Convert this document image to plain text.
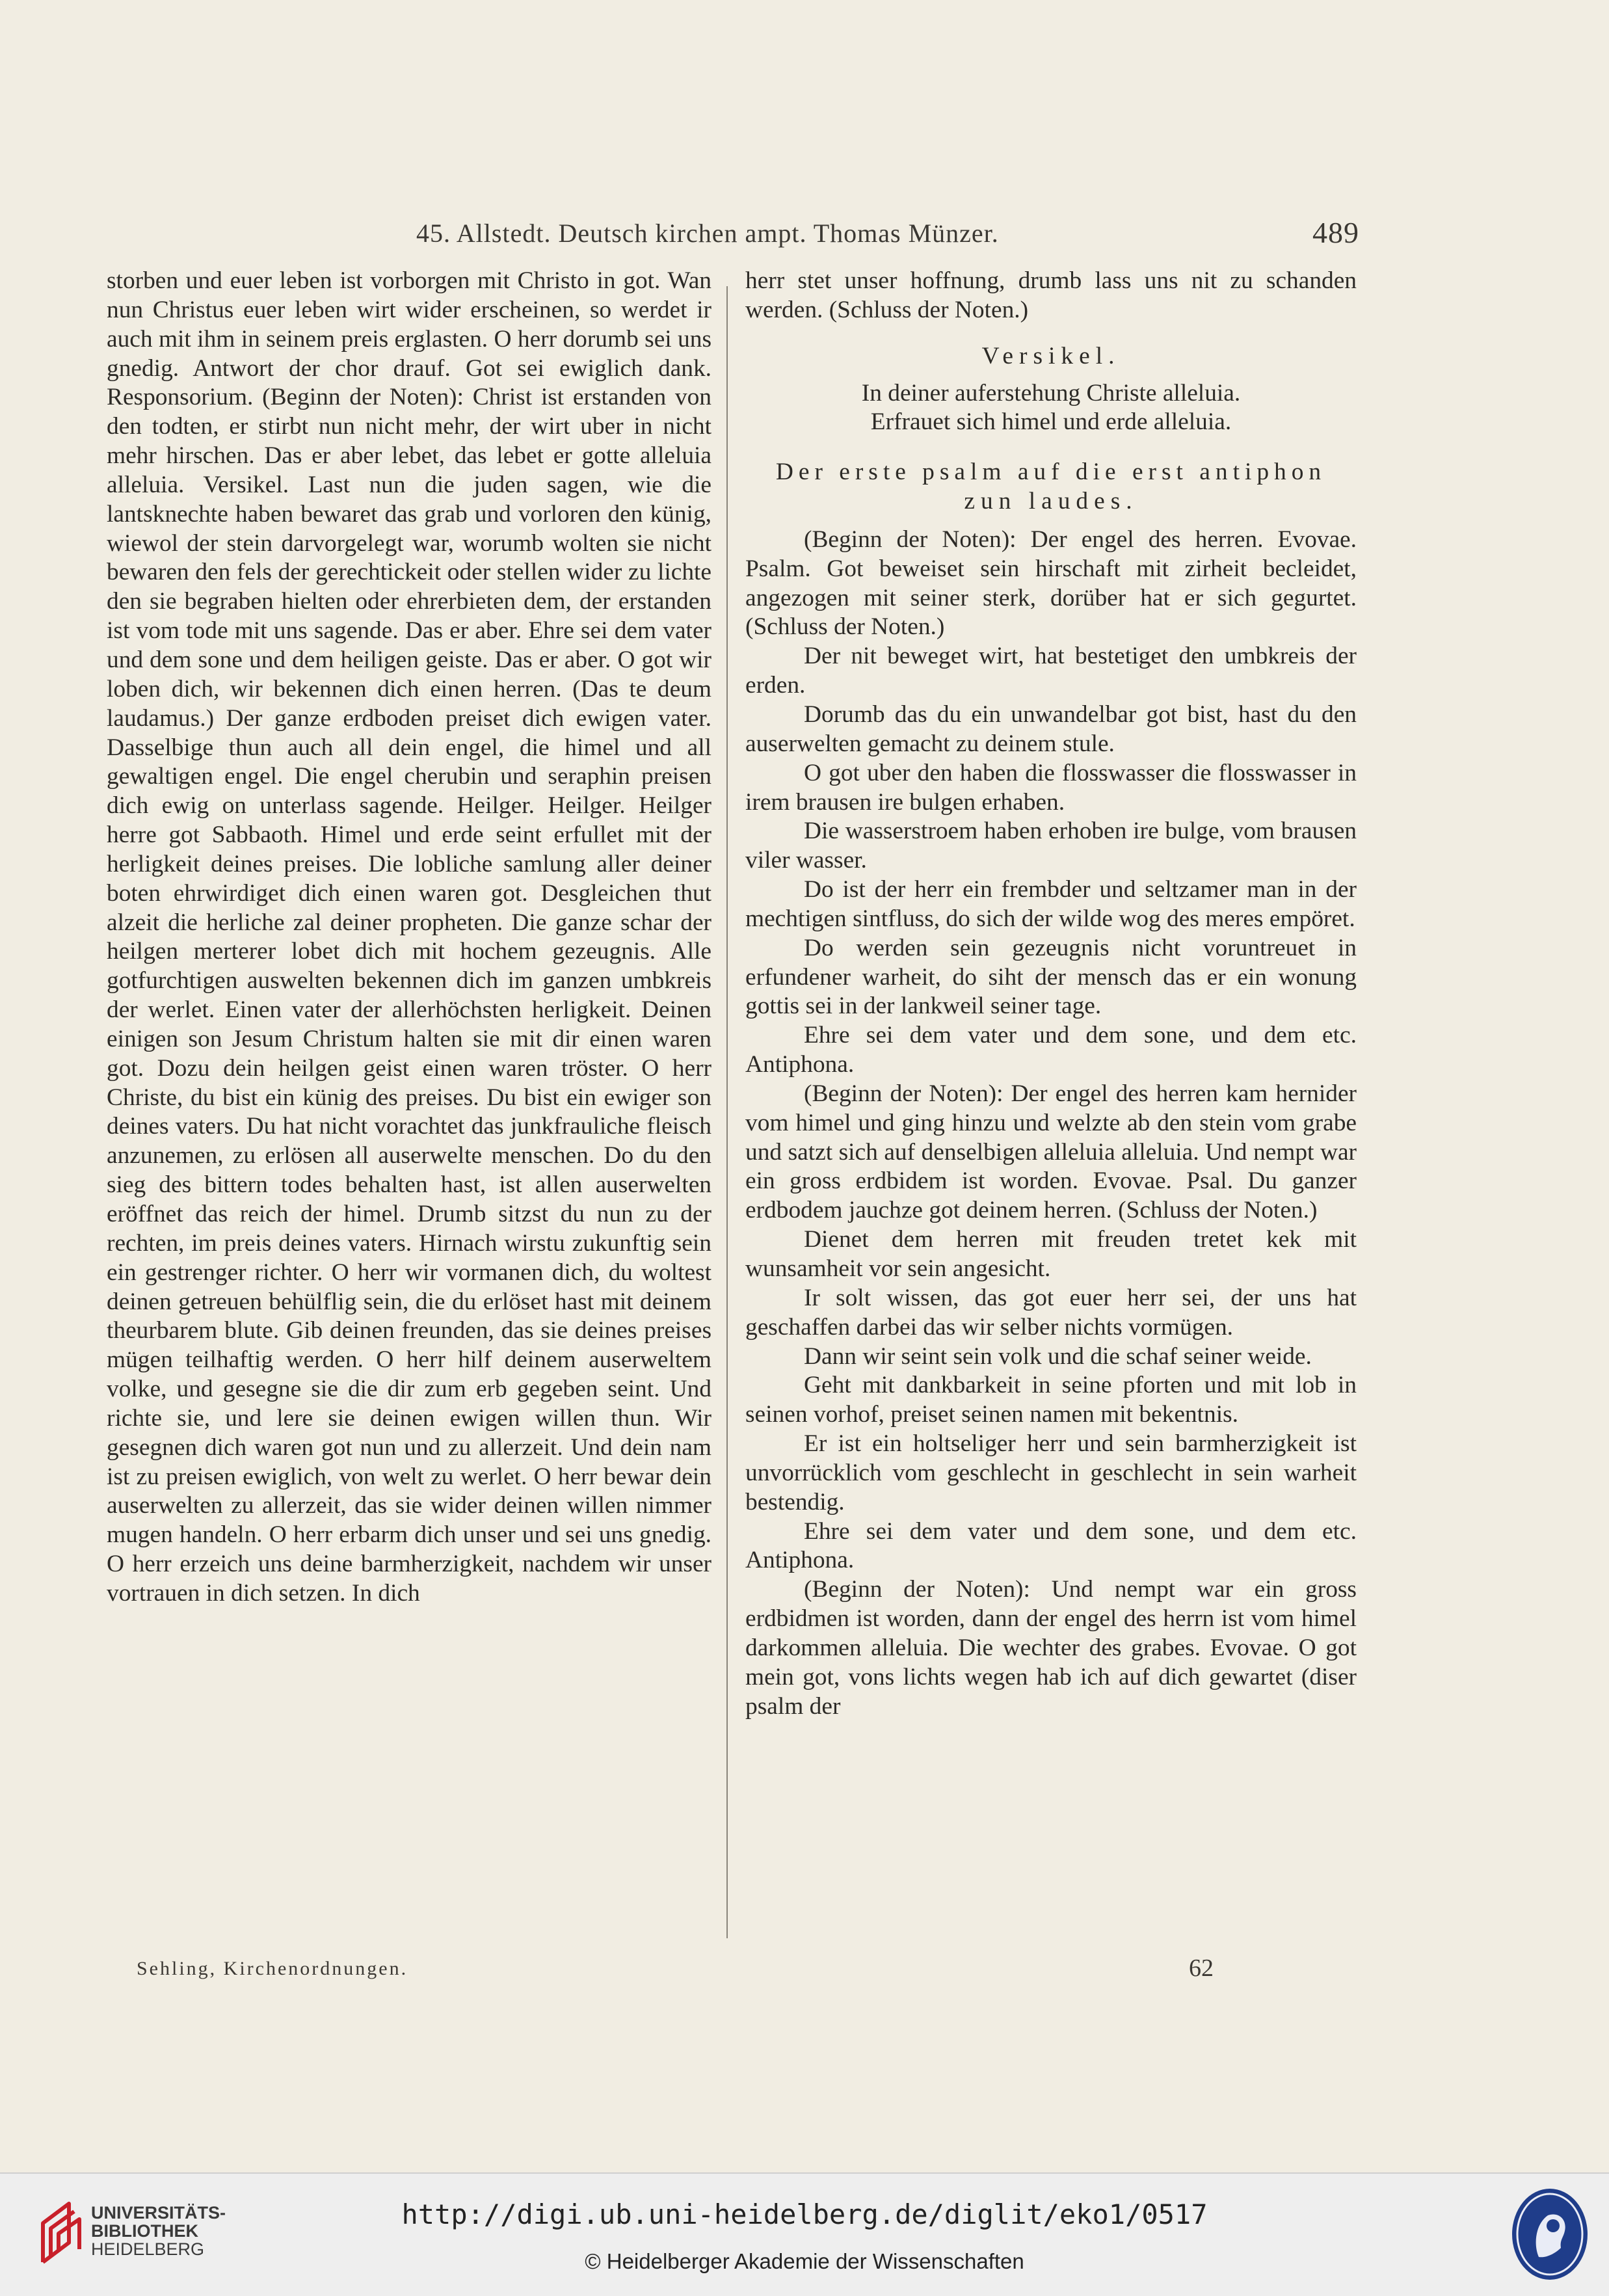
45. Allstedt. Deutsch kirchen ampt. Thomas Münzer.	489

storben und euer leben ist vorborgen mit Christo in got. Wan nun Christus euer leben wirt wider erscheinen, so werdet ir auch mit ihm in seinem preis erglasten. O herr dorumb sei uns gnedig. Antwort der chor drauf. Got sei ewiglich dank. Responsorium. (Beginn der Noten): Christ ist erstanden von den todten, er stirbt nun nicht mehr, der wirt uber in nicht mehr hirschen. Das er aber lebet, das lebet er gotte alleluia alleluia. Versikel. Last nun die juden sagen, wie die lantsknechte haben bewaret das grab und vorloren den künig, wiewol der stein darvorgelegt war, worumb wolten sie nicht bewaren den fels der gerechtickeit oder stellen wider zu lichte den sie begraben hielten oder ehrerbieten dem, der erstanden ist vom tode mit uns sagende. Das er aber. Ehre sei dem vater und dem sone und dem heiligen geiste. Das er aber. O got wir loben dich, wir bekennen dich einen herren. (Das te deum laudamus.) Der ganze erdboden preiset dich ewigen vater. Dasselbige thun auch all dein engel, die himel und all gewaltigen engel. Die engel cherubin und seraphin preisen dich ewig on unterlass sagende. Heilger. Heilger. Heilger herre got Sabbaoth. Himel und erde seint erfullet mit der herligkeit deines preises. Die lobliche samlung aller deiner boten ehrwirdiget dich einen waren got. Desgleichen thut alzeit die herliche zal deiner propheten. Die ganze schar der heilgen merterer lobet dich mit hochem gezeugnis. Alle gotfurchtigen auswelten bekennen dich im ganzen umbkreis der werlet. Einen vater der allerhöchsten herligkeit. Deinen einigen son Jesum Christum halten sie mit dir einen waren got. Dozu dein heilgen geist einen waren tröster. O herr Christe, du bist ein künig des preises. Du bist ein ewiger son deines vaters. Du hat nicht vorachtet das junkfrauliche fleisch anzunemen, zu erlösen all auserwelte menschen. Do du den sieg des bittern todes behalten hast, ist allen auserwelten eröffnet das reich der himel. Drumb sitzst du nun zu der rechten, im preis deines vaters. Hirnach wirstu zukunftig sein ein gestrenger richter. O herr wir vormanen dich, du woltest deinen getreuen behülflig sein, die du erlöset hast mit deinem theurbarem blute. Gib deinen freunden, das sie deines preises mügen teilhaftig werden. O herr hilf deinem auserweltem volke, und gesegne sie die dir zum erb gegeben seint. Und richte sie, und lere sie deinen ewigen willen thun. Wir gesegnen dich waren got nun und zu allerzeit. Und dein nam ist zu preisen ewiglich, von welt zu werlet. O herr bewar dein auserwelten zu allerzeit, das sie wider deinen willen nimmer mugen handeln. O herr erbarm dich unser und sei uns gnedig. O herr erzeich uns deine barmherzigkeit, nachdem wir unser vortrauen in dich setzen. In dich

herr stet unser hoffnung, drumb lass uns nit zu schanden werden. (Schluss der Noten.)

Versikel.

In deiner auferstehung Christe alleluia.

Erfrauet sich himel und erde alleluia.

Der erste psalm auf die erst antiphon

zun laudes.

(Beginn der Noten): Der engel des herren. Evovae. Psalm. Got beweiset sein hirschaft mit zirheit becleidet, angezogen mit seiner sterk, dorüber hat er sich gegurtet. (Schluss der Noten.)

Der nit beweget wirt, hat bestetiget den umbkreis der erden.

Dorumb das du ein unwandelbar got bist, hast du den auserwelten gemacht zu deinem stule.

O got uber den haben die flosswasser die flosswasser in irem brausen ire bulgen erhaben.

Die wasserstroem haben erhoben ire bulge, vom brausen viler wasser.

Do ist der herr ein frembder und seltzamer man in der mechtigen sintfluss, do sich der wilde wog des meres empöret.

Do werden sein gezeugnis nicht voruntreuet in erfundener warheit, do siht der mensch das er ein wonung gottis sei in der lankweil seiner tage.

Ehre sei dem vater und dem sone, und dem etc. Antiphona.

(Beginn der Noten): Der engel des herren kam hernider vom himel und ging hinzu und welzte ab den stein vom grabe und satzt sich auf denselbigen alleluia alleluia. Und nempt war ein gross erdbidem ist worden. Evovae. Psal. Du ganzer erdbodem jauchze got deinem herren. (Schluss der Noten.)

Dienet dem herren mit freuden tretet kek mit wunsamheit vor sein angesicht.

Ir solt wissen, das got euer herr sei, der uns hat geschaffen darbei das wir selber nichts vormügen.

Dann wir seint sein volk und die schaf seiner weide.

Geht mit dankbarkeit in seine pforten und mit lob in seinen vorhof, preiset seinen namen mit bekentnis.

Er ist ein holtseliger herr und sein barmherzigkeit ist unvorrücklich vom geschlecht in geschlecht in sein warheit bestendig.

Ehre sei dem vater und dem sone, und dem etc. Antiphona.

(Beginn der Noten): Und nempt war ein gross erdbidmen ist worden, dann der engel des herrn ist vom himel darkommen alleluia. Die wechter des grabes. Evovae. O got mein got, vons lichts wegen hab ich auf dich gewartet (diser psalm der

Sehling, Kirchenordnungen.	62
UNIVERSITÄTS-
BIBLIOTHEK
HEIDELBERG
http://digi.ub.uni-heidelberg.de/diglit/eko1/0517
© Heidelberger Akademie der Wissenschaften
